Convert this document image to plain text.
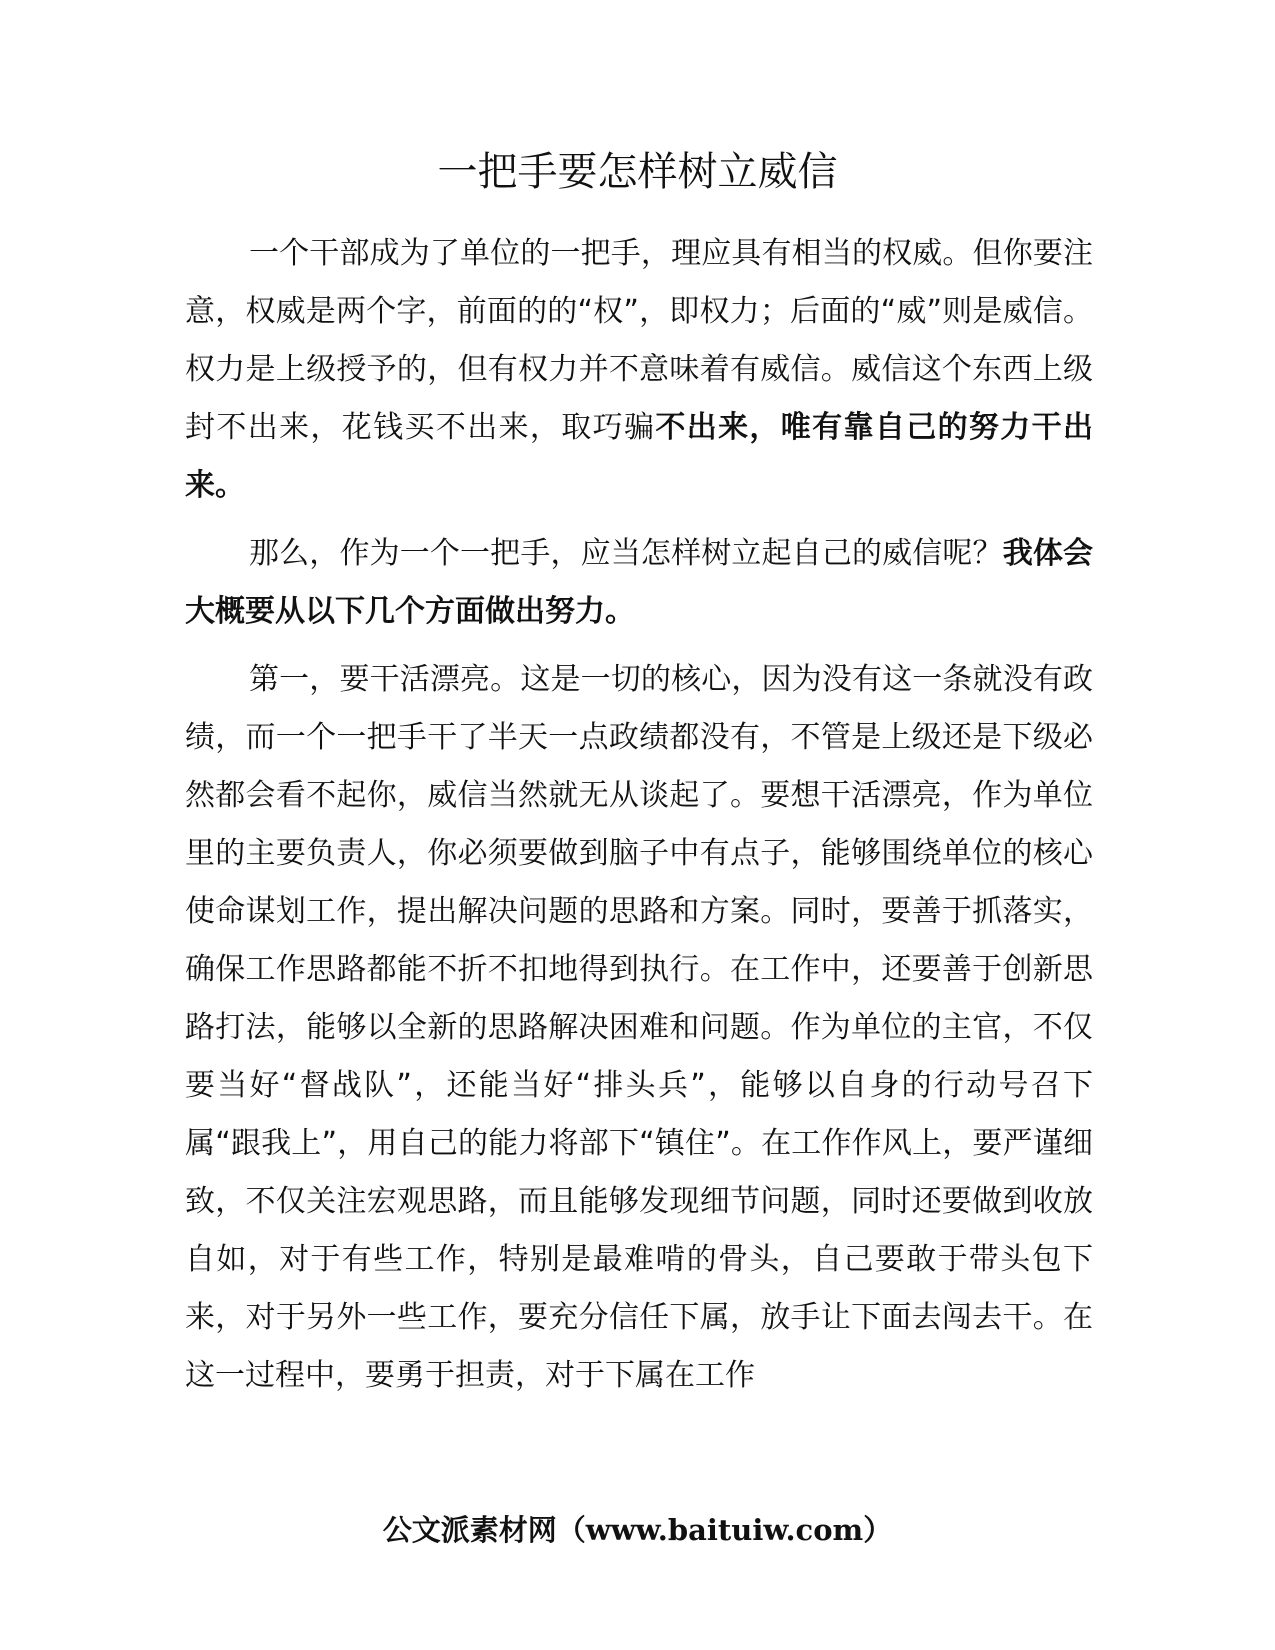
一把手要怎样树立威信

一个干部成为了单位的一把手，理应具有相当的权威。但你要注意，权威是两个字，前面的的“权”，即权力；后面的“威”则是威信。权力是上级授予的，但有权力并不意味着有威信。威信这个东西上级封不出来，花钱买不出来，取巧骗不出来，唯有靠自己的努力干出来。

那么，作为一个一把手，应当怎样树立起自己的威信呢？我体会大概要从以下几个方面做出努力。

第一，要干活漂亮。这是一切的核心，因为没有这一条就没有政绩，而一个一把手干了半天一点政绩都没有，不管是上级还是下级必然都会看不起你，威信当然就无从谈起了。要想干活漂亮，作为单位里的主要负责人，你必须要做到脑子中有点子，能够围绕单位的核心使命谋划工作，提出解决问题的思路和方案。同时，要善于抓落实，确保工作思路都能不折不扣地得到执行。在工作中，还要善于创新思路打法，能够以全新的思路解决困难和问题。作为单位的主官，不仅要当好“督战队”，还能当好“排头兵”，能够以自身的行动号召下属“跟我上”，用自己的能力将部下“镇住”。在工作作风上，要严谨细致，不仅关注宏观思路，而且能够发现细节问题，同时还要做到收放自如，对于有些工作，特别是最难啃的骨头，自己要敢于带头包下来，对于另外一些工作，要充分信任下属，放手让下面去闯去干。在这一过程中，要勇于担责，对于下属在工作

公文派素材网（www.baituiw.com）
